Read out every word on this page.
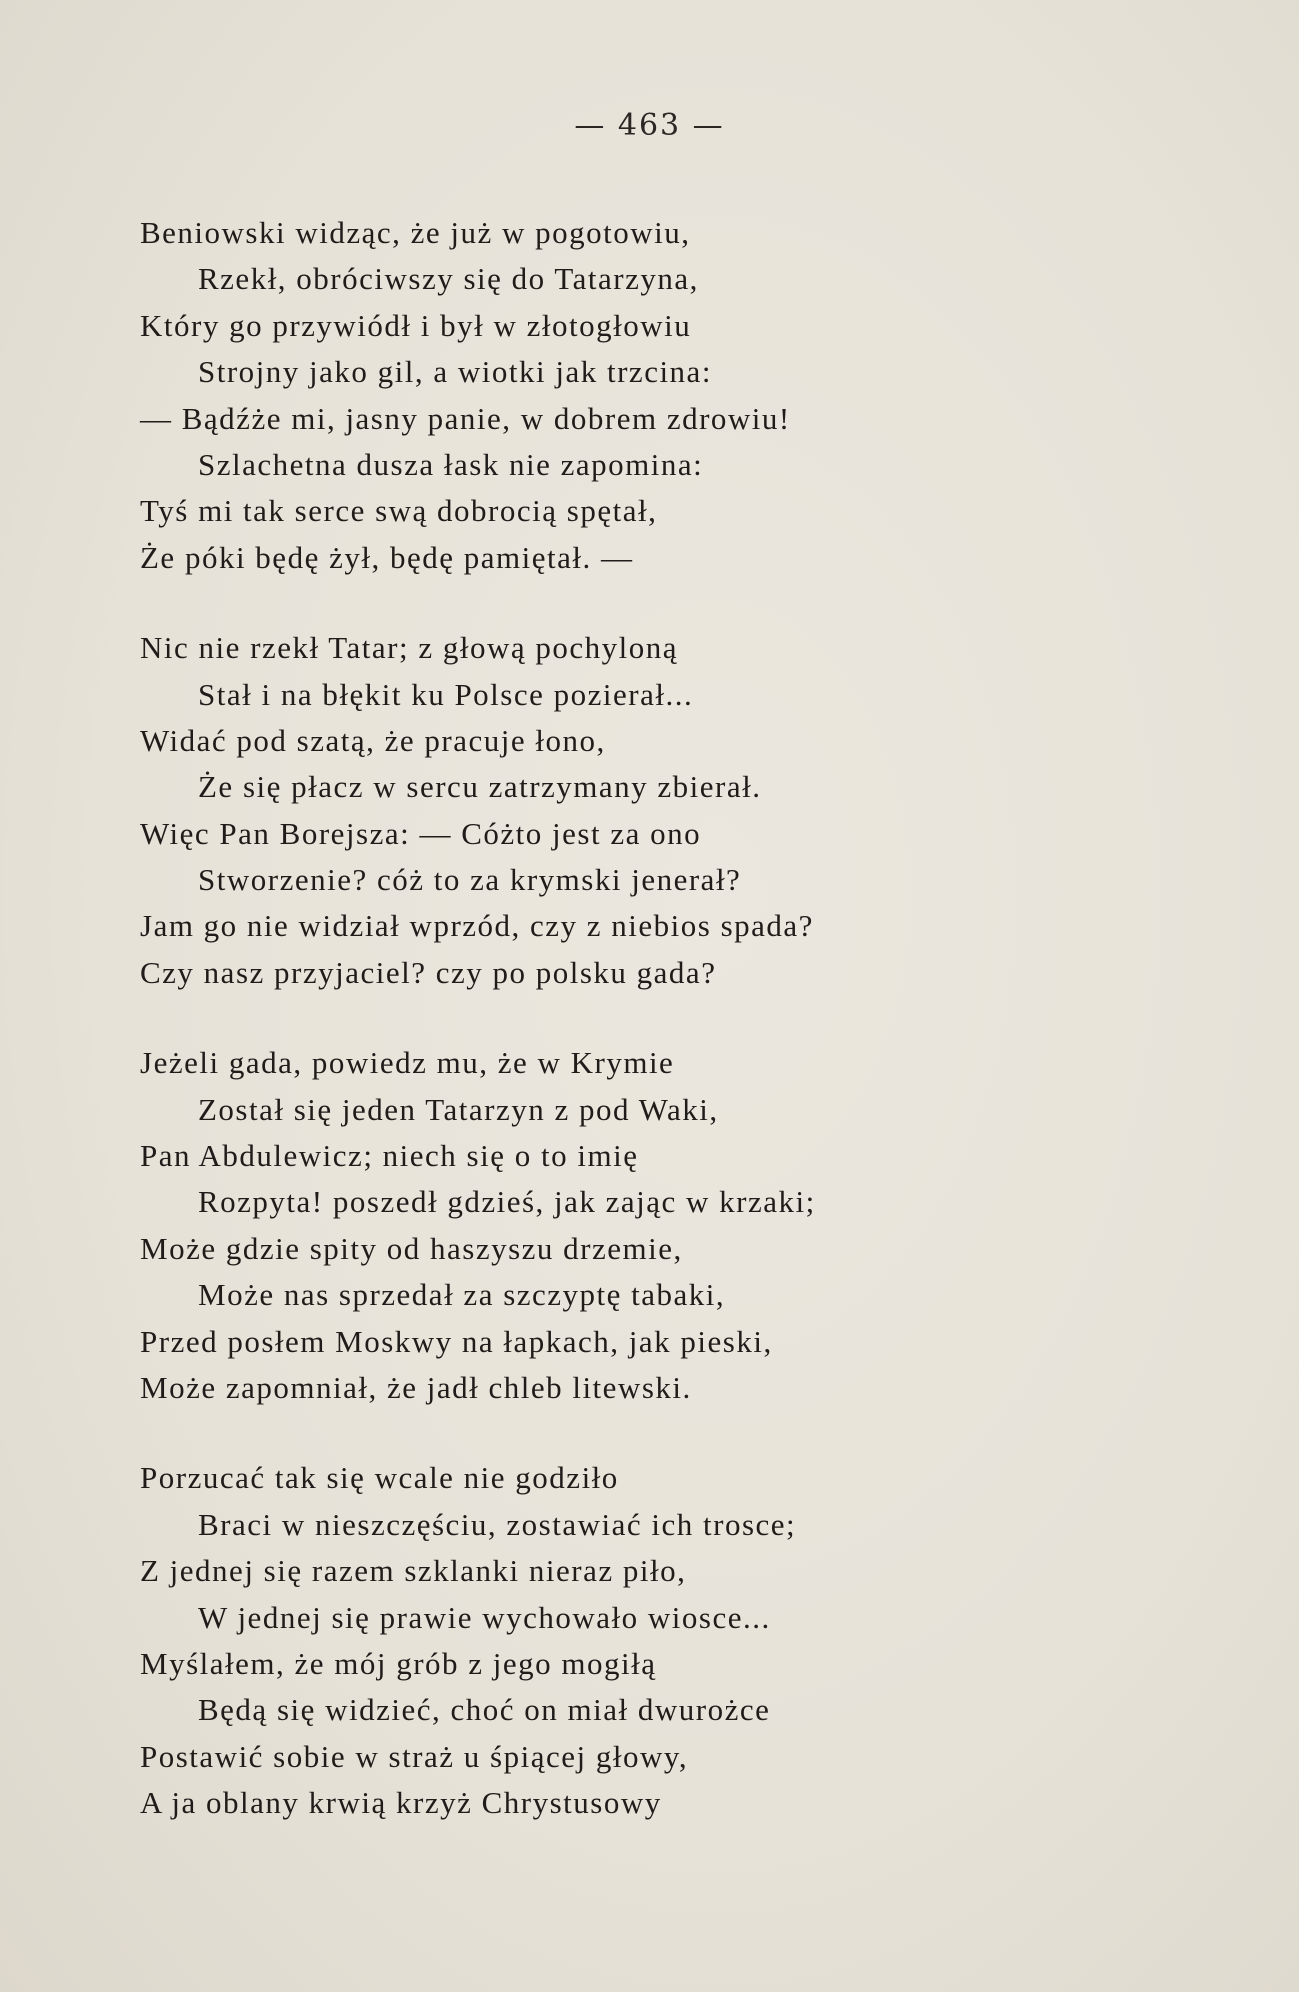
— 463 —
Beniowski widząc, że już w pogotowiu,
Rzekł, obróciwszy się do Tatarzyna,
Który go przywiódł i był w złotogłowiu
Strojny jako gil, a wiotki jak trzcina:
— Bądźże mi, jasny panie, w dobrem zdrowiu!
Szlachetna dusza łask nie zapomina:
Tyś mi tak serce swą dobrocią spętał,
Że póki będę żył, będę pamiętał. —
Nic nie rzekł Tatar; z głową pochyloną
Stał i na błękit ku Polsce pozierał...
Widać pod szatą, że pracuje łono,
Że się płacz w sercu zatrzymany zbierał.
Więc Pan Borejsza: — Cóżto jest za ono
Stworzenie? cóż to za krymski jenerał?
Jam go nie widział wprzód, czy z niebios spada?
Czy nasz przyjaciel? czy po polsku gada?
Jeżeli gada, powiedz mu, że w Krymie
Został się jeden Tatarzyn z pod Waki,
Pan Abdulewicz; niech się o to imię
Rozpyta! poszedł gdzieś, jak zając w krzaki;
Może gdzie spity od haszyszu drzemie,
Może nas sprzedał za szczyptę tabaki,
Przed posłem Moskwy na łapkach, jak pieski,
Może zapomniał, że jadł chleb litewski.
Porzucać tak się wcale nie godziło
Braci w nieszczęściu, zostawiać ich trosce;
Z jednej się razem szklanki nieraz piło,
W jednej się prawie wychowało wiosce...
Myślałem, że mój grób z jego mogiłą
Będą się widzieć, choć on miał dwurożce
Postawić sobie w straż u śpiącej głowy,
A ja oblany krwią krzyż Chrystusowy
